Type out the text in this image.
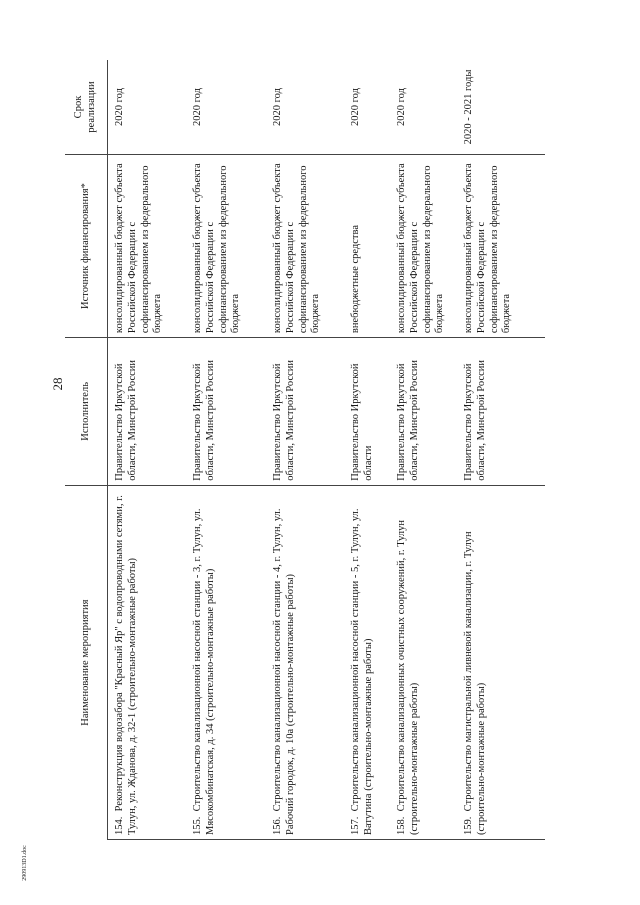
28
290913D1.doc
Наименование мероприятия	Исполнитель	Источник финансирования*	Срок реализации

154.  Реконструкция водозабора "Красный Яр" с водопроводными сетями, г. Тулун, ул. Жданова, д. 32-1 (строительно-монтажные работы)	Правительство Иркутской области, Минстрой России	консолидированный бюджет субъекта Российской Федерации с софинансированием из федерального бюджета	2020 год
155.  Строительство канализационной насосной станции - 3, г. Тулун, ул. Мясокомбинатская, д. 34 (строительно-монтажные работы)	Правительство Иркутской области, Минстрой России	консолидированный бюджет субъекта Российской Федерации с софинансированием из федерального бюджета	2020 год
156.  Строительство канализационной насосной станции - 4, г. Тулун, ул. Рабочий городок, д. 10а (строительно-монтажные работы)	Правительство Иркутской области, Минстрой России	консолидированный бюджет субъекта Российской Федерации с софинансированием из федерального бюджета	2020 год
157.  Строительство канализационной насосной станции - 5, г. Тулун, ул. Ватутина (строительно-монтажные работы)	Правительство Иркутской области	внебюджетные средства	2020 год
158.  Строительство канализационных очистных сооружений, г. Тулун (строительно-монтажные работы)	Правительство Иркутской области, Минстрой России	консолидированный бюджет субъекта Российской Федерации с софинансированием из федерального бюджета	2020 год
159.  Строительство магистральной ливневой канализации, г. Тулун (строительно-монтажные работы)	Правительство Иркутской области, Минстрой России	консолидированный бюджет субъекта Российской Федерации с софинансированием из федерального бюджета	2020 - 2021 годы
